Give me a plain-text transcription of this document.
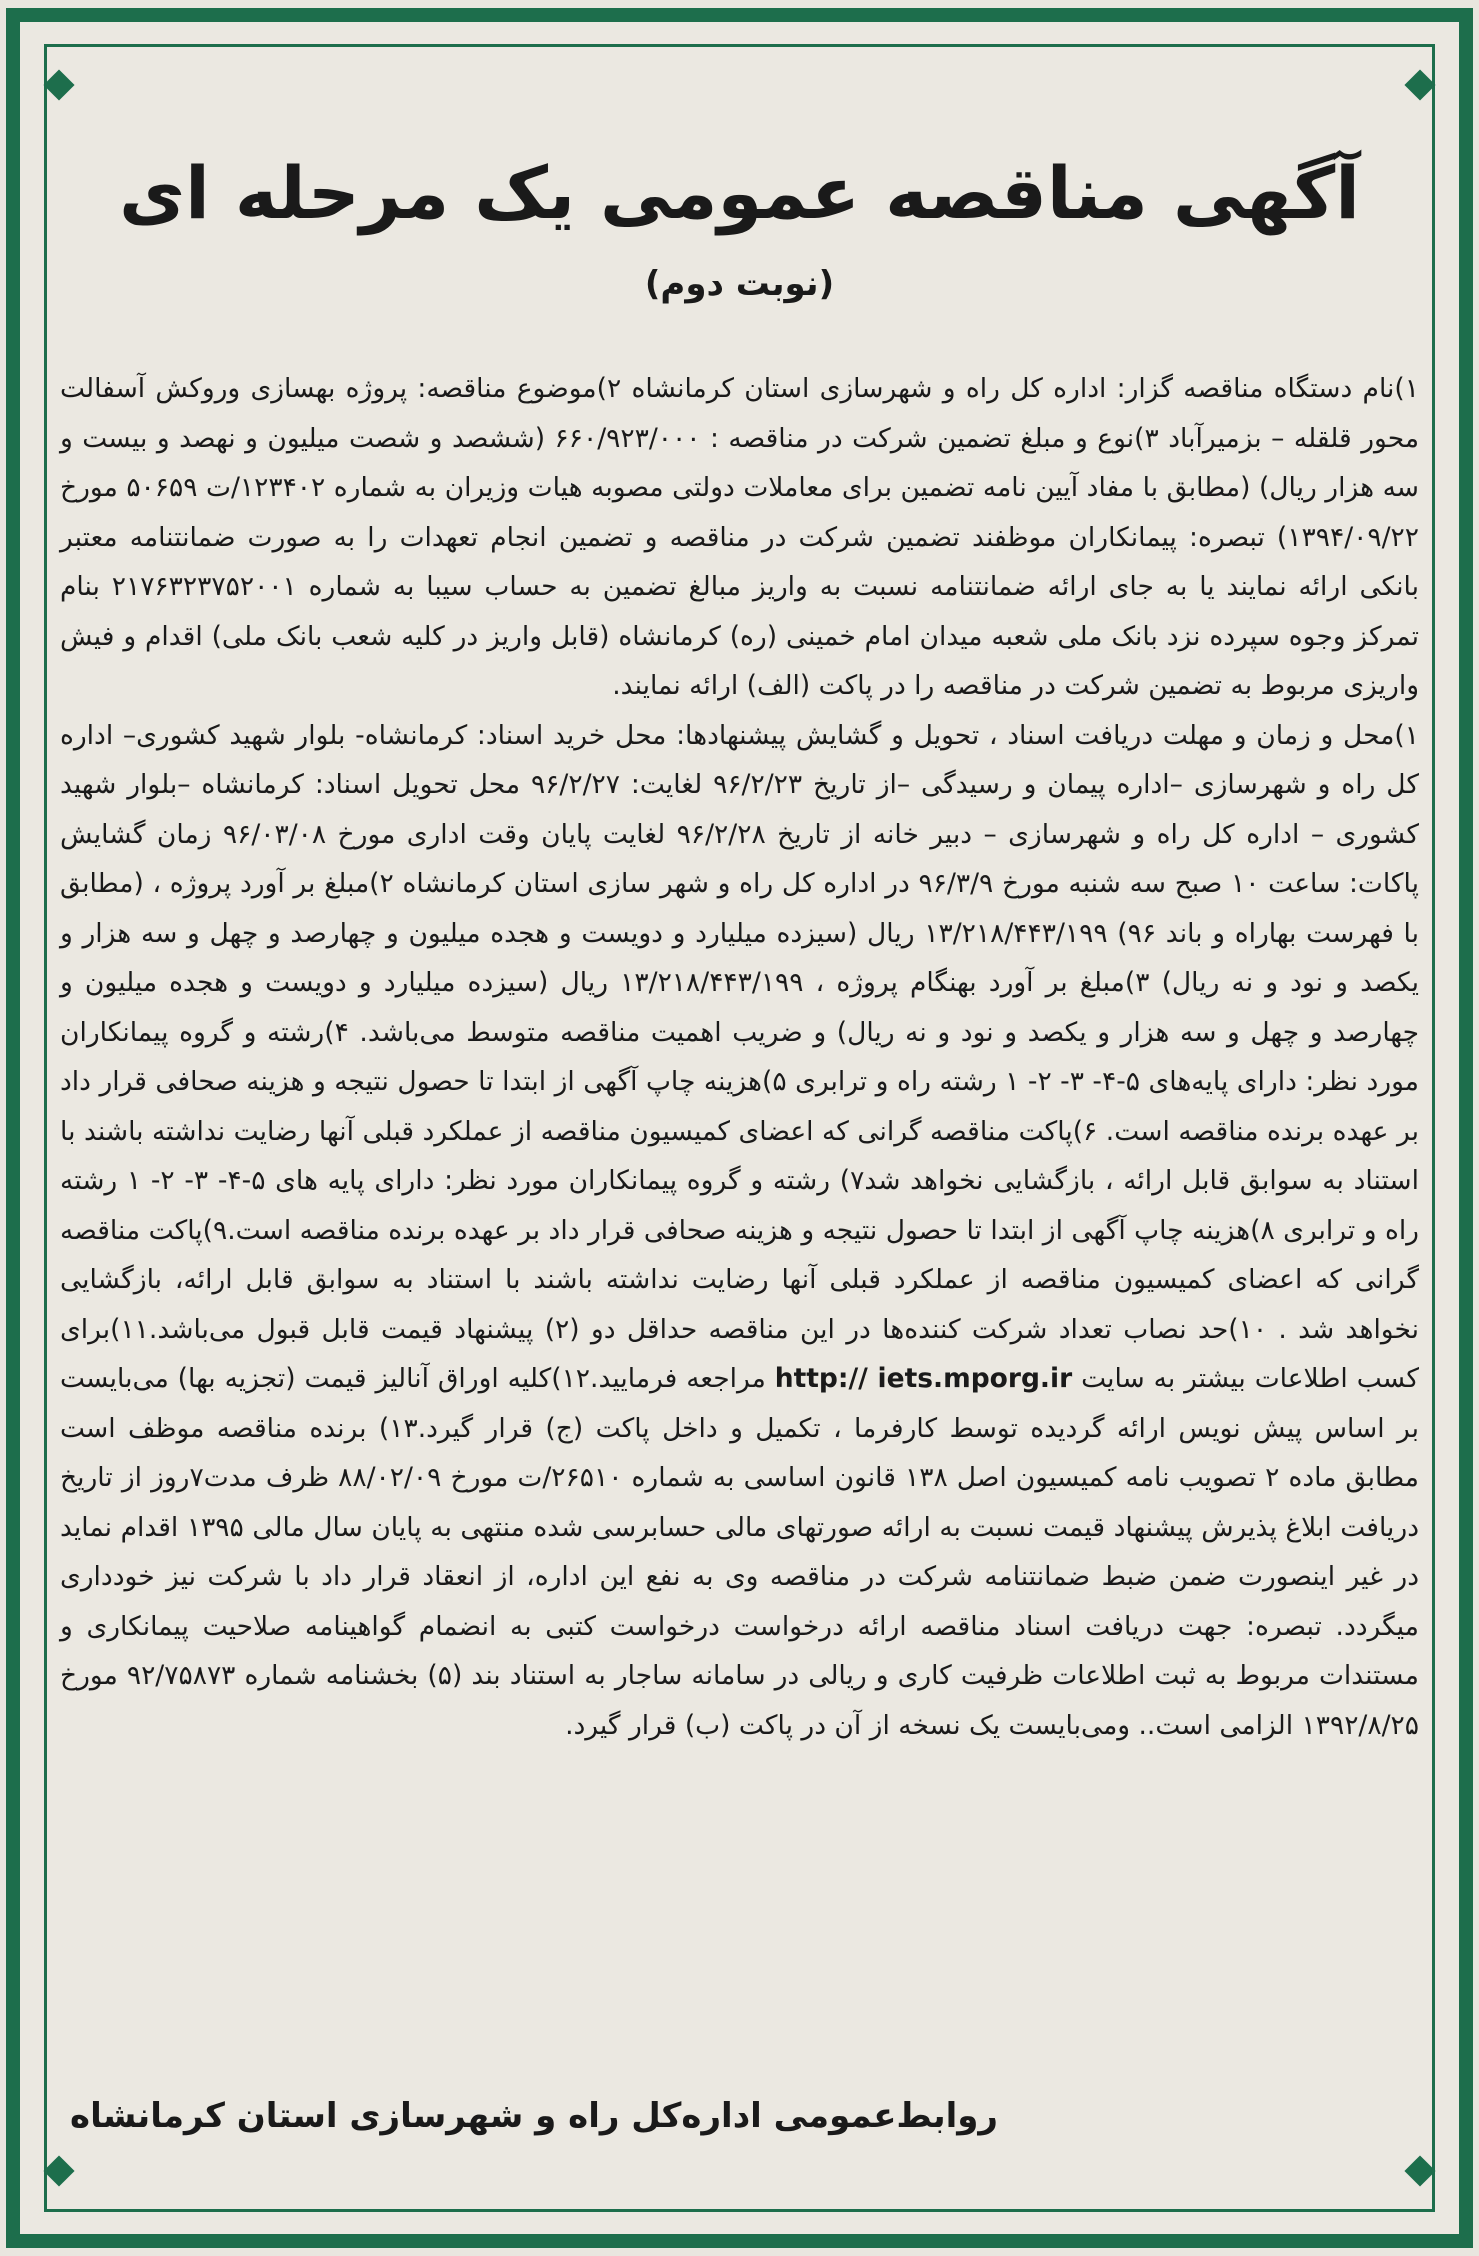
آگهی مناقصه عمومی یک مرحله ای
(نوبت دوم)
۱)نام دستگاه مناقصه گزار: اداره کل راه و شهرسازی استان کرمانشاه ۲)موضوع مناقصه: پروژه بهسازی وروکش آسفالت محور قلقله – بزمیرآباد ۳)نوع و مبلغ تضمین شرکت در مناقصه : ۶۶۰/۹۲۳/۰۰۰ (ششصد و شصت میلیون و نهصد و بیست و سه هزار ریال) (مطابق با مفاد آیین نامه تضمین برای معاملات دولتی مصوبه هیات وزیران به شماره ۱۲۳۴۰۲/ت ۵۰۶۵۹ مورخ ۱۳۹۴/۰۹/۲۲) تبصره: پیمانکاران موظفند تضمین شرکت در مناقصه و تضمین انجام تعهدات را به صورت ضمانتنامه معتبر بانکی ارائه نمایند یا به جای ارائه ضمانتنامه نسبت به واریز مبالغ تضمین به حساب سیبا به شماره ۲۱۷۶۳۲۳۷۵۲۰۰۱ بنام تمرکز وجوه سپرده نزد بانک ملی شعبه میدان امام خمینی (ره) کرمانشاه (قابل واریز در کلیه شعب بانک ملی) اقدام و فیش واریزی مربوط به تضمین شرکت در مناقصه را در پاکت (الف) ارائه نمایند.
۱)محل و زمان و مهلت دریافت اسناد ، تحویل و گشایش پیشنهادها: محل خرید اسناد: کرمانشاه- بلوار شهید کشوری– اداره کل راه و شهرسازی –اداره پیمان و رسیدگی –از تاریخ ۹۶/۲/۲۳ لغایت: ۹۶/۲/۲۷ محل تحویل اسناد: کرمانشاه –بلوار شهید کشوری – اداره کل راه و شهرسازی – دبیر خانه از تاریخ ۹۶/۲/۲۸ لغایت پایان وقت اداری مورخ ۹۶/۰۳/۰۸ زمان گشایش پاکات: ساعت ۱۰ صبح سه شنبه مورخ ۹۶/۳/۹ در اداره کل راه و شهر سازی استان کرمانشاه ۲)مبلغ بر آورد پروژه ، (مطابق با فهرست بهاراه و باند ۹۶) ۱۳/۲۱۸/۴۴۳/۱۹۹ ریال (سیزده میلیارد و دویست و هجده میلیون و چهارصد و چهل و سه هزار و یکصد و نود و نه ریال) ۳)مبلغ بر آورد بهنگام پروژه ، ۱۳/۲۱۸/۴۴۳/۱۹۹ ریال (سیزده میلیارد و دویست و هجده میلیون و چهارصد و چهل و سه هزار و یکصد و نود و نه ریال) و ضریب اهمیت مناقصه متوسط می‌باشد. ۴)رشته و گروه پیمانکاران مورد نظر: دارای پایه‌های ۵-۴- ۳- ۲- ۱ رشته راه و ترابری ۵)هزینه چاپ آگهی از ابتدا تا حصول نتیجه و هزینه صحافی قرار داد بر عهده برنده مناقصه است. ۶)پاکت مناقصه گرانی که اعضای کمیسیون مناقصه از عملکرد قبلی آنها رضایت نداشته باشند با استناد به سوابق قابل ارائه ، بازگشایی نخواهد شد۷) رشته و گروه پیمانکاران مورد نظر: دارای پایه های ۵-۴- ۳- ۲- ۱ رشته راه و ترابری ۸)هزینه چاپ آگهی از ابتدا تا حصول نتیجه و هزینه صحافی قرار داد بر عهده برنده مناقصه است.۹)پاکت مناقصه گرانی که اعضای کمیسیون مناقصه از عملکرد قبلی آنها رضایت نداشته باشند با استناد به سوابق قابل ارائه، بازگشایی نخواهد شد . ۱۰)حد نصاب تعداد شرکت کننده‌ها در این مناقصه حداقل دو (۲) پیشنهاد قیمت قابل قبول می‌باشد.۱۱)برای کسب اطلاعات بیشتر به سایت http:// iets.mporg.ir مراجعه فرمایید.۱۲)کلیه اوراق آنالیز قیمت (تجزیه بها) می‌بایست بر اساس پیش نویس ارائه گردیده توسط کارفرما ، تکمیل و داخل پاکت (ج) قرار گیرد.۱۳) برنده مناقصه موظف است مطابق ماده ۲ تصویب نامه کمیسیون اصل ۱۳۸ قانون اساسی به شماره ۲۶۵۱۰/ت مورخ ۸۸/۰۲/۰۹ ظرف مدت۷روز از تاریخ دریافت ابلاغ پذیرش پیشنهاد قیمت نسبت به ارائه صورتهای مالی حسابرسی شده منتهی به پایان سال مالی ۱۳۹۵ اقدام نماید در غیر اینصورت ضمن ضبط ضمانتنامه شرکت در مناقصه وی به نفع این اداره، از انعقاد قرار داد با شرکت نیز خودداری میگردد. تبصره: جهت دریافت اسناد مناقصه ارائه درخواست درخواست کتبی به انضمام گواهینامه صلاحیت پیمانکاری و مستندات مربوط به ثبت اطلاعات ظرفیت کاری و ریالی در سامانه ساجار به استناد بند (۵) بخشنامه شماره ۹۲/۷۵۸۷۳ مورخ ۱۳۹۲/۸/۲۵ الزامی است.. ومی‌بایست یک نسخه از آن در پاکت (ب) قرار گیرد.
روابط‌عمومی اداره‌کل راه و شهرسازی استان کرمانشاه
